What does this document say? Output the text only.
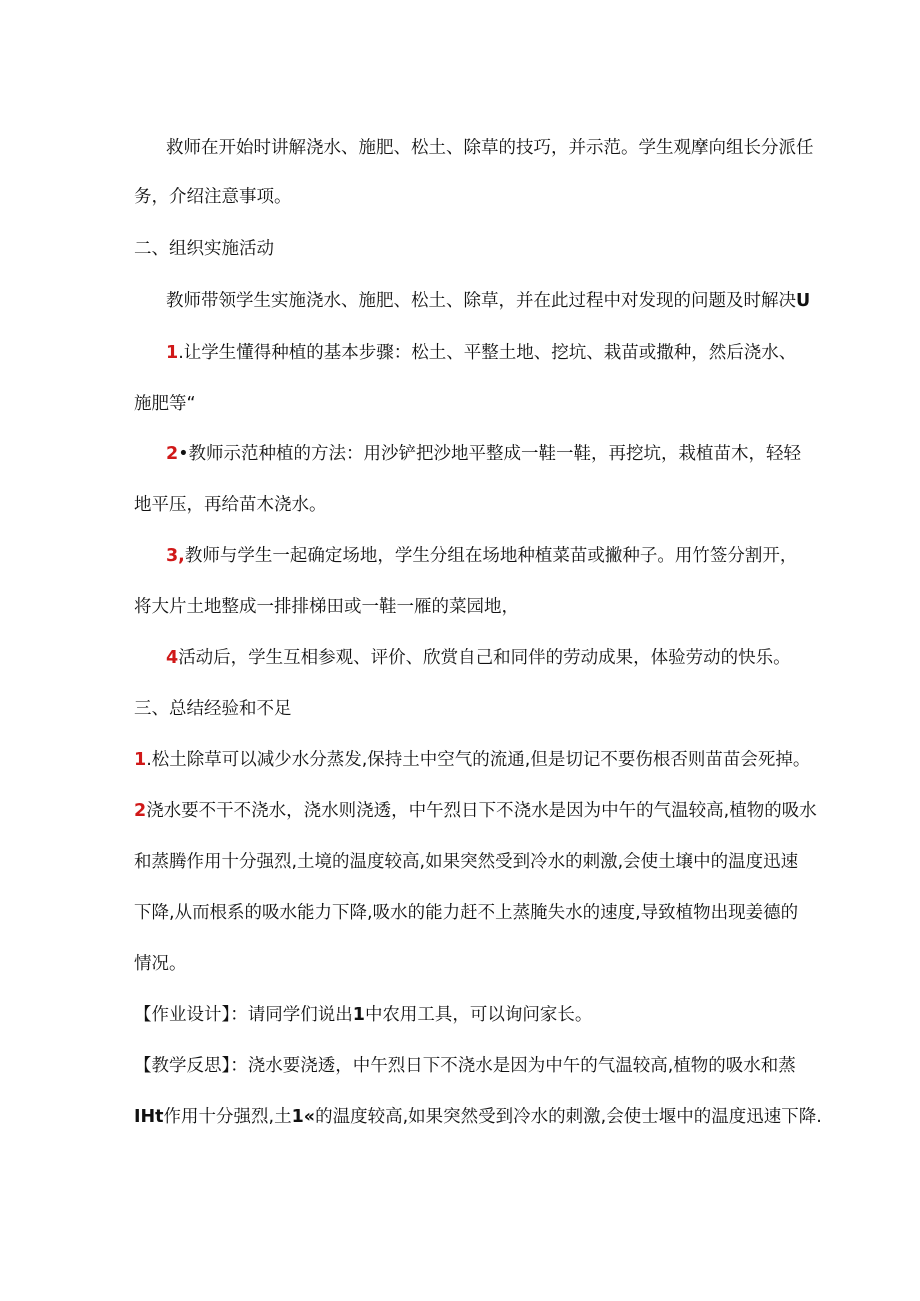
救师在开始时讲解浇水、施肥、松土、除草的技巧，并示范。学生观摩向组长分派任
务，介绍注意事项。
二、组织实施活动
教师带领学生实施浇水、施肥、松土、除草，并在此过程中对发现的问题及时解决U
1.让学生懂得种植的基本步骤：松土、平整土地、挖坑、栽苗或撒种，然后浇水、
施肥等“
2•教师示范种植的方法：用沙铲把沙地平整成一鞋一鞋，再挖坑，栽植苗木，轻轻
地平压，再给苗木浇水。
3,教师与学生一起确定场地，学生分组在场地种植菜苗或撇种子。用竹签分割开，
将大片土地整成一排排梯田或一鞋一雁的菜园地，
4活动后，学生互相参观、评价、欣赏自己和同伴的劳动成果，体验劳动的快乐。
三、总结经验和不足
1.松土除草可以减少水分蒸发,保持土中空气的流通,但是切记不要伤根否则苗苗会死掉。
2浇水要不干不浇水，浇水则浇透，中午烈日下不浇水是因为中午的气温较高,植物的吸水
和蒸腾作用十分强烈,土境的温度较高,如果突然受到冷水的刺激,会使土壌中的温度迅速
下降,从而根系的吸水能力下降,吸水的能力赶不上蒸腌失水的速度,导致植物出现姜德的
情况。
【作业设计】：请同学们说出1中农用工具，可以询问家长。
【教学反思】：浇水要浇透，中午烈日下不浇水是因为中午的气温较高,植物的吸水和蒸
IHt作用十分强烈,土1«的温度较高,如果突然受到冷水的刺激,会使士堰中的温度迅速下降.
